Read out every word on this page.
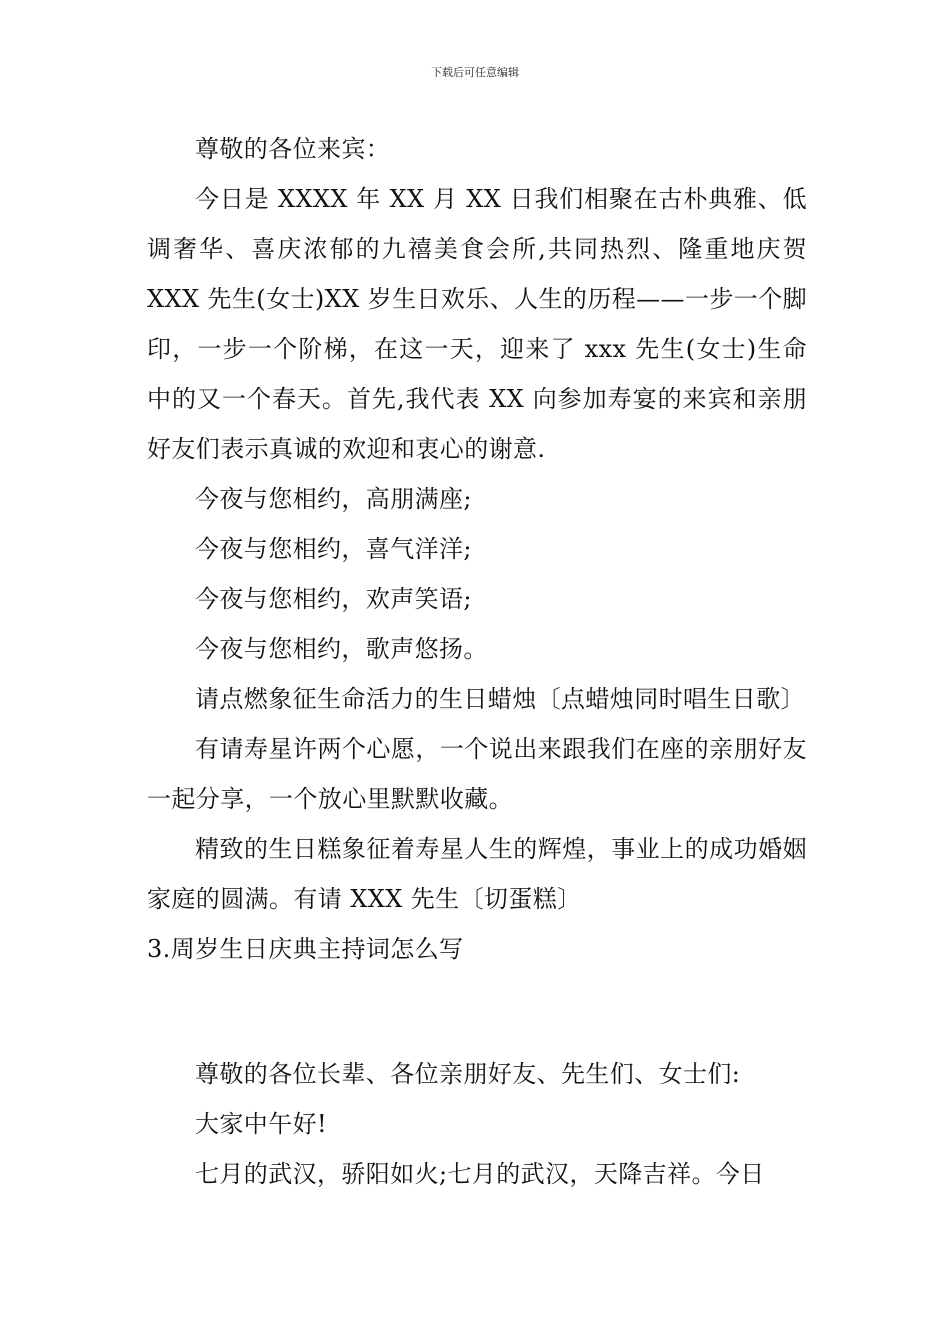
下载后可任意编辑

尊敬的各位来宾：

今日是 XXXX 年 XX 月 XX 日我们相聚在古朴典雅、低调奢华、喜庆浓郁的九禧美食会所,共同热烈、隆重地庆贺 XXX 先生(女士)XX 岁生日欢乐、人生的历程——一步一个脚印，一步一个阶梯，在这一天，迎来了 xxx 先生(女士)生命中的又一个春天。首先,我代表 XX 向参加寿宴的来宾和亲朋好友们表示真诚的欢迎和衷心的谢意.

今夜与您相约，高朋满座;

今夜与您相约，喜气洋洋;

今夜与您相约，欢声笑语;

今夜与您相约，歌声悠扬。

请点燃象征生命活力的生日蜡烛〔点蜡烛同时唱生日歌〕

有请寿星许两个心愿，一个说出来跟我们在座的亲朋好友一起分享，一个放心里默默收藏。

精致的生日糕象征着寿星人生的辉煌，事业上的成功婚姻家庭的圆满。有请 XXX 先生〔切蛋糕〕

3.周岁生日庆典主持词怎么写

尊敬的各位长辈、各位亲朋好友、先生们、女士们:

大家中午好!

七月的武汉，骄阳如火;七月的武汉，天降吉祥。今日
